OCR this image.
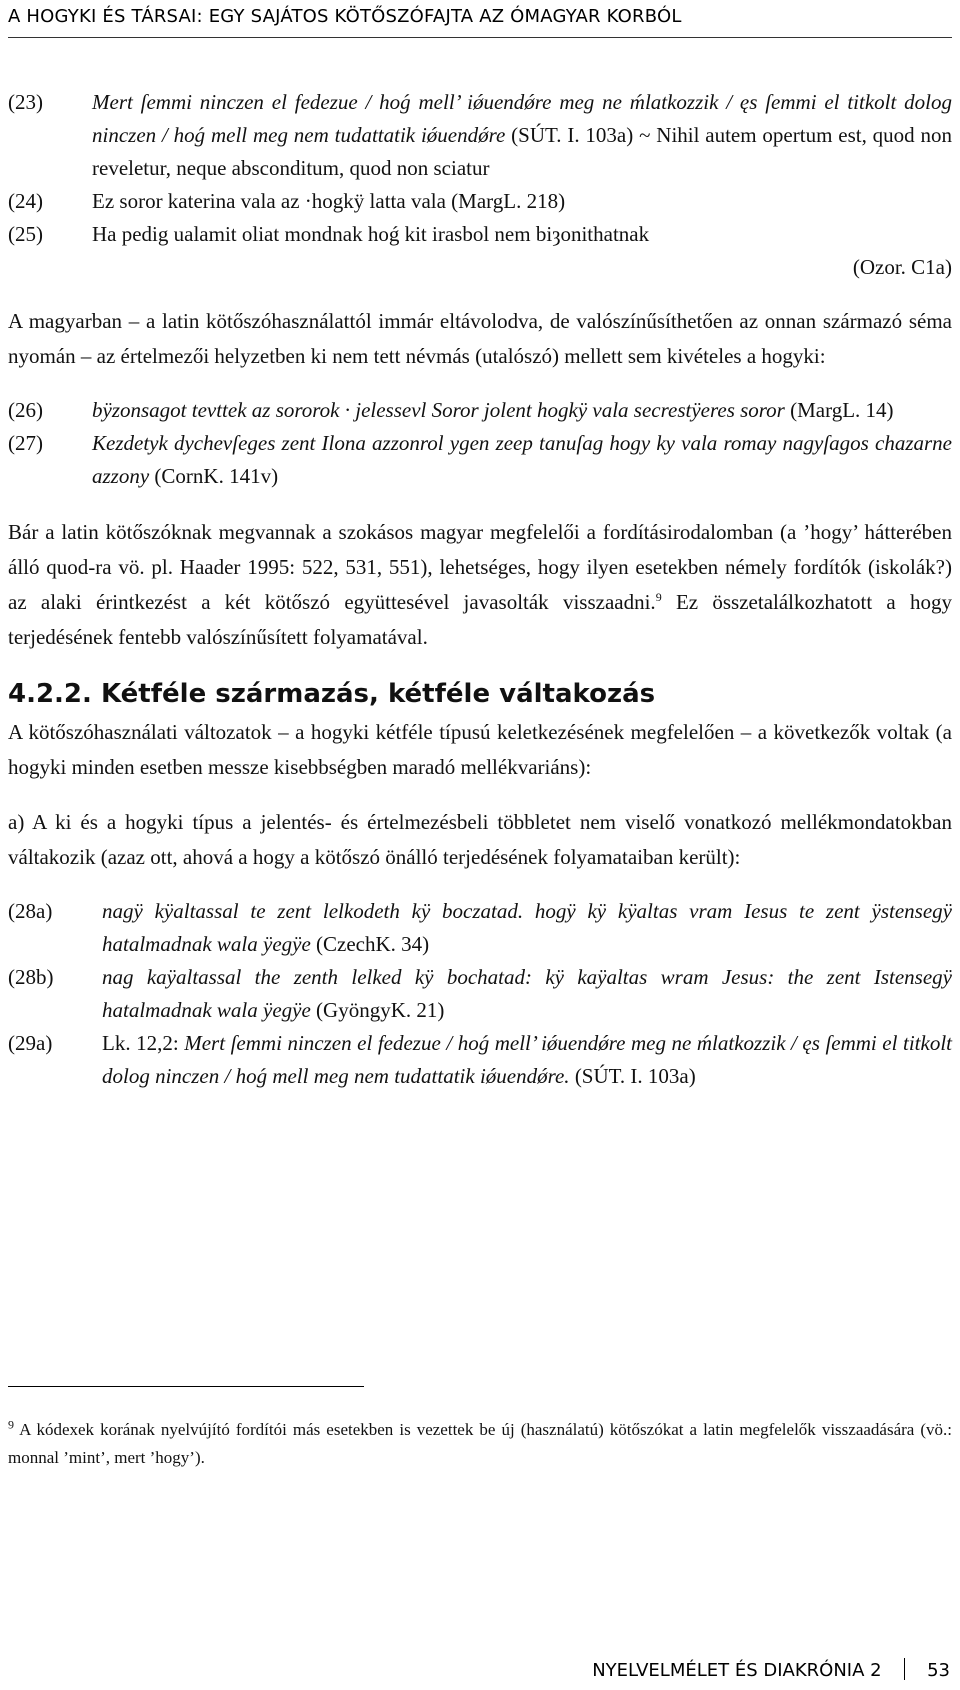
A HOGYKI ÉS TÁRSAI: EGY SAJÁTOS KÖTŐSZÓFAJTA AZ ÓMAGYAR KORBÓL
(23)	Mert ſemmi ninczen el fedezue / hoǵ mell’ iǿuendǿre meg ne ḿlatkozzik / ęs ſemmi el titkolt dolog ninczen / hoǵ mell meg nem tudattatik iǿuendǿre (SÚT. I. 103a) ~ Nihil autem opertum est, quod non reveletur, neque absconditum, quod non sciatur
(24)	Ez soror katerina vala az ·hogkÿ latta vala (MargL. 218)
(25)	Ha pedig ualamit oliat mondnak hoǵ kit irasbol nem biȝonithatnak
(Ozor. C1a)

A magyarban – a latin kötőszóhasználattól immár eltávolodva, de valószínűsíthetően az onnan származó séma nyomán – az értelmezői helyzetben ki nem tett névmás (utalószó) mellett sem kivételes a hogyki:

(26)	bÿzonsagot tevttek az sororok · jelessevl Soror jolent hogkÿ vala secrestÿeres soror (MargL. 14)
(27)	Kezdetyk dychevſeges zent Ilona azzonrol ygen zeep tanuſag hogy ky vala romay nagyſagos chazarne azzony (CornK. 141v)

Bár a latin kötőszóknak megvannak a szokásos magyar megfelelői a fordításirodalomban (a ’hogy’ hátterében álló quod-ra vö. pl. Haader 1995: 522, 531, 551), lehetséges, hogy ilyen esetekben némely fordítók (iskolák?) az alaki érintkezést a két kötőszó együttesével javasolták visszaadni.$^9$ Ez összetalálkozhatott a hogy terjedésének fentebb valószínűsített folyamatával.

4.2.2. Kétféle származás, kétféle váltakozás

A kötőszóhasználati változatok – a hogyki kétféle típusú keletkezésének megfelelően – a következők voltak (a hogyki minden esetben messze kisebbségben maradó mellékvariáns):

a) A ki és a hogyki típus a jelentés- és értelmezésbeli többletet nem viselő vonatkozó mellékmondatokban váltakozik (azaz ott, ahová a hogy a kötőszó önálló terjedésének folyamataiban került):

(28a)	nagÿ kÿaltassal te zent lelkodeth kÿ boczatad. hogÿ kÿ kÿaltas vram Iesus te zent ÿstensegÿ hatalmadnak wala ÿegÿe (CzechK. 34)
(28b)	nag kaÿaltassal the zenth lelked kÿ bochatad: kÿ kaÿaltas wram Jesus: the zent Istensegÿ hatalmadnak wala ÿegÿe (GyöngyK. 21)
(29a)	Lk. 12,2: Mert ſemmi ninczen el fedezue / hoǵ mell’ iǿuendǿre meg ne ḿlatkozzik / ęs ſemmi el titkolt dolog ninczen / hoǵ mell meg nem tudattatik iǿuendǿre. (SÚT. I. 103a)
$^9$ A kódexek korának nyelvújító fordítói más esetekben is vezettek be új (használatú) kötőszókat a latin megfelelők visszaadására (vö.: monnal ’mint’, mert ’hogy’).
NYELVELMÉLET ÉS DIAKRÓNIA 2	53
